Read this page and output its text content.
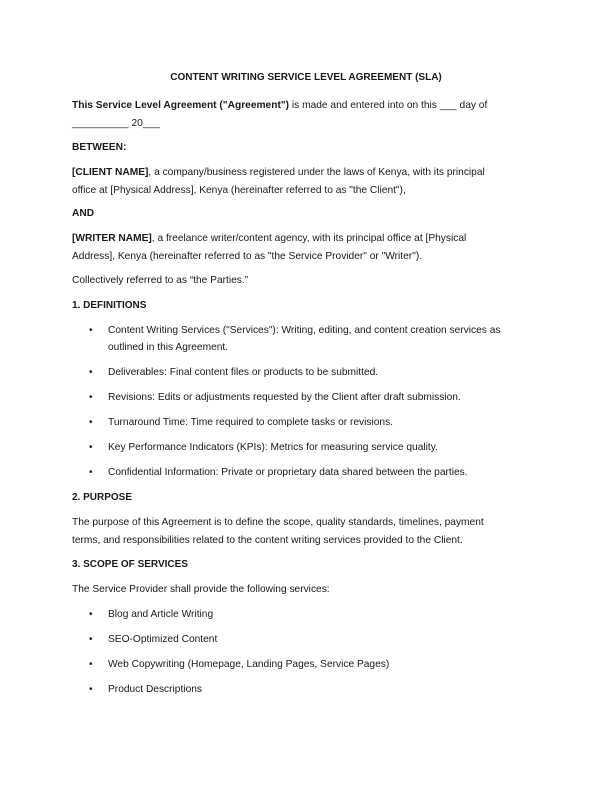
CONTENT WRITING SERVICE LEVEL AGREEMENT (SLA)
This Service Level Agreement ("Agreement") is made and entered into on this ___ day of
__________ 20___
BETWEEN:
[CLIENT NAME], a company/business registered under the laws of Kenya, with its principal
office at [Physical Address], Kenya (hereinafter referred to as "the Client"),
AND
[WRITER NAME], a freelance writer/content agency, with its principal office at [Physical
Address], Kenya (hereinafter referred to as "the Service Provider" or "Writer").
Collectively referred to as “the Parties.”
1. DEFINITIONS
• Content Writing Services ("Services"): Writing, editing, and content creation services as
outlined in this Agreement.
• Deliverables: Final content files or products to be submitted.
• Revisions: Edits or adjustments requested by the Client after draft submission.
• Turnaround Time: Time required to complete tasks or revisions.
• Key Performance Indicators (KPIs): Metrics for measuring service quality.
• Confidential Information: Private or proprietary data shared between the parties.
2. PURPOSE
The purpose of this Agreement is to define the scope, quality standards, timelines, payment
terms, and responsibilities related to the content writing services provided to the Client.
3. SCOPE OF SERVICES
The Service Provider shall provide the following services:
• Blog and Article Writing
• SEO-Optimized Content
• Web Copywriting (Homepage, Landing Pages, Service Pages)
• Product Descriptions
